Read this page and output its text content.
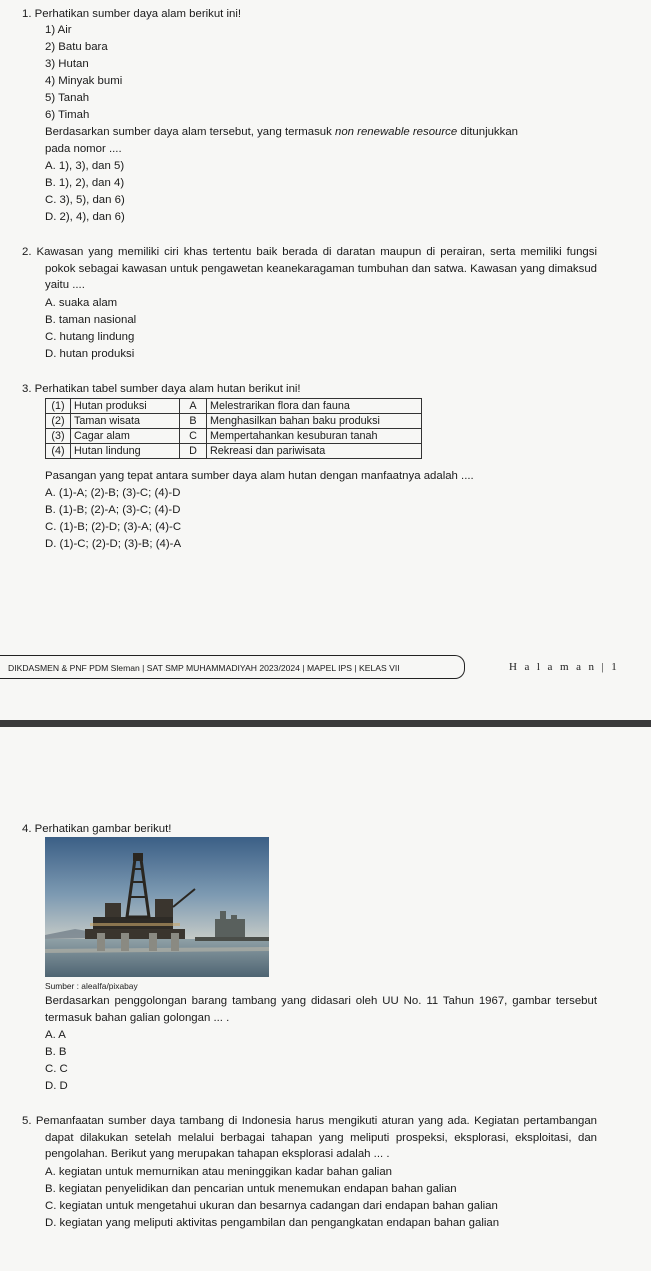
1. Perhatikan sumber daya alam berikut ini!
1) Air
2) Batu bara
3) Hutan
4) Minyak bumi
5) Tanah
6) Timah
Berdasarkan sumber daya alam tersebut, yang termasuk non renewable resource ditunjukkan
pada nomor ....
A. 1), 3), dan 5)
B. 1), 2), dan 4)
C. 3), 5), dan 6)
D. 2), 4), dan 6)
2. Kawasan yang memiliki ciri khas tertentu baik berada di daratan maupun di perairan, serta memiliki fungsi pokok sebagai kawasan untuk pengawetan keanekaragaman tumbuhan dan satwa. Kawasan yang dimaksud yaitu ....
A. suaka alam
B. taman nasional
C. hutang lindung
D. hutan produksi
3. Perhatikan tabel sumber daya alam hutan berikut ini!
(1)	Hutan produksi	A	Melestrarikan flora dan fauna
(2)	Taman wisata	B	Menghasilkan bahan baku produksi
(3)	Cagar alam	C	Mempertahankan kesuburan tanah
(4)	Hutan lindung	D	Rekreasi dan pariwisata
Pasangan yang tepat antara sumber daya alam hutan dengan manfaatnya adalah ....
A. (1)-A; (2)-B; (3)-C; (4)-D
B. (1)-B; (2)-A; (3)-C; (4)-D
C. (1)-B; (2)-D; (3)-A; (4)-C
D. (1)-C; (2)-D; (3)-B; (4)-A
DIKDASMEN & PNF PDM Sleman | SAT SMP MUHAMMADIYAH 2023/2024 | MAPEL IPS | KELAS VII	H a l a m a n | 1
4. Perhatikan gambar berikut!
Sumber : aleaIfa/pixabay
Berdasarkan penggolongan barang tambang yang didasari oleh UU No. 11 Tahun 1967, gambar tersebut termasuk bahan galian golongan ... .
A. A
B. B
C. C
D. D
5. Pemanfaatan sumber daya tambang di Indonesia harus mengikuti aturan yang ada. Kegiatan pertambangan dapat dilakukan setelah melalui berbagai tahapan yang meliputi prospeksi, eksplorasi, eksploitasi, dan pengolahan. Berikut yang merupakan tahapan eksplorasi adalah ... .
A. kegiatan untuk memurnikan atau meninggikan kadar bahan galian
B. kegiatan penyelidikan dan pencarian untuk menemukan endapan bahan galian
C. kegiatan untuk mengetahui ukuran dan besarnya cadangan dari endapan bahan galian
D. kegiatan yang meliputi aktivitas pengambilan dan pengangkatan endapan bahan galian
